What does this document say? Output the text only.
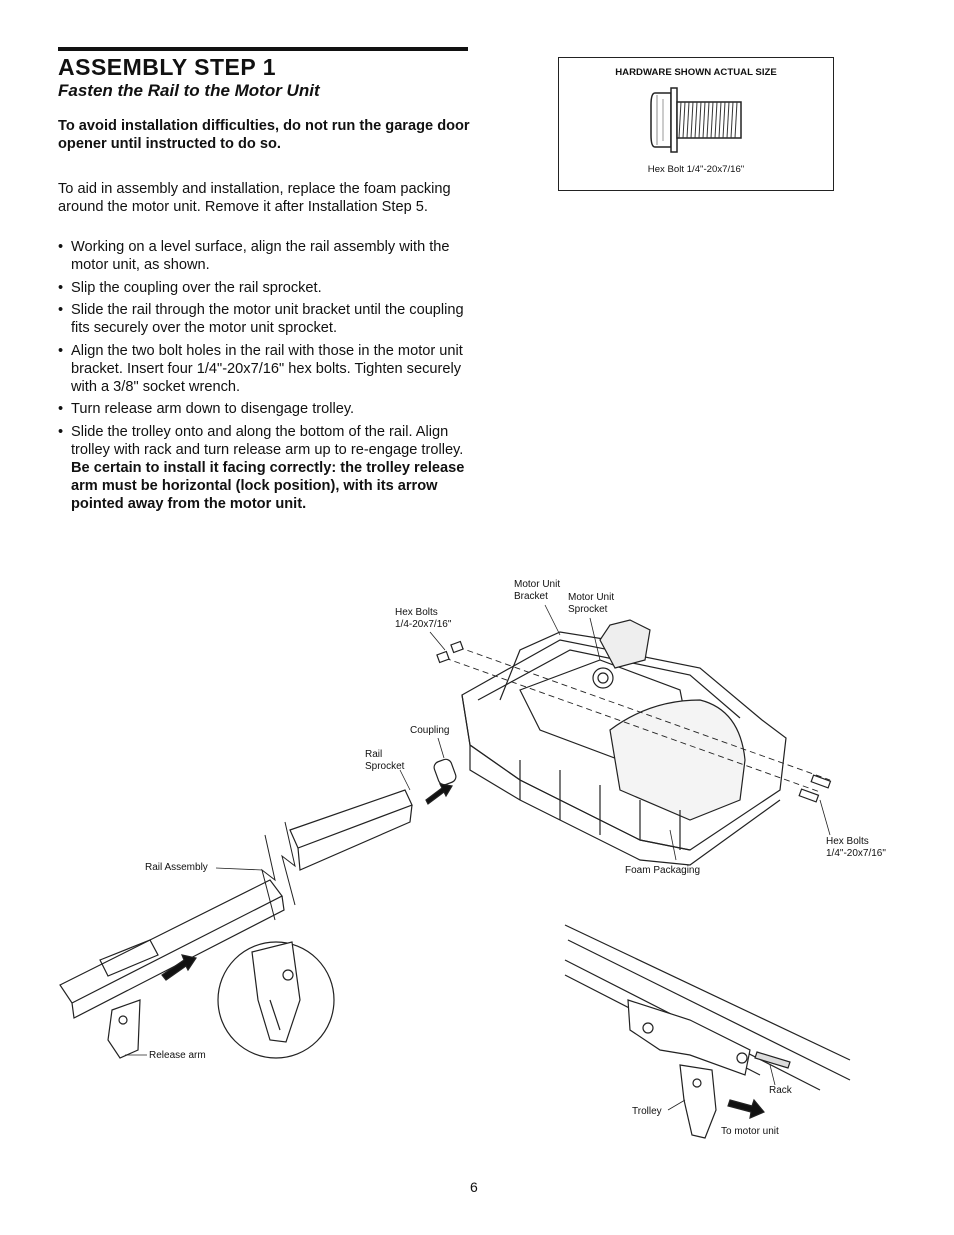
ASSEMBLY STEP 1
Fasten the Rail to the Motor Unit
To avoid installation difficulties, do not run the garage door opener until instructed to do so.
To aid in assembly and installation, replace the foam packing around the motor unit. Remove it after Installation Step 5.
• Working on a level surface, align the rail assembly with the motor unit, as shown.
• Slip the coupling over the rail sprocket.
• Slide the rail through the motor unit bracket until the coupling fits securely over the motor unit sprocket.
• Align the two bolt holes in the rail with those in the motor unit bracket. Insert four 1/4"-20x7/16" hex bolts. Tighten securely with a 3/8" socket wrench.
• Turn release arm down to disengage trolley.
• Slide the trolley onto and along the bottom of the rail. Align trolley with rack and turn release arm up to re-engage trolley. Be certain to install it facing correctly: the trolley release arm must be horizontal (lock position), with its arrow pointed away from the motor unit.
HARDWARE SHOWN ACTUAL SIZE
Hex Bolt 1/4"-20x7/16"
Motor Unit
Bracket	Motor Unit
Sprocket
Hex Bolts
1/4-20x7/16"
Coupling
Rail
Sprocket
Rail Assembly	Foam Packaging
Hex Bolts
1/4"-20x7/16"
Release arm
Trolley
Rack
To motor unit
6
